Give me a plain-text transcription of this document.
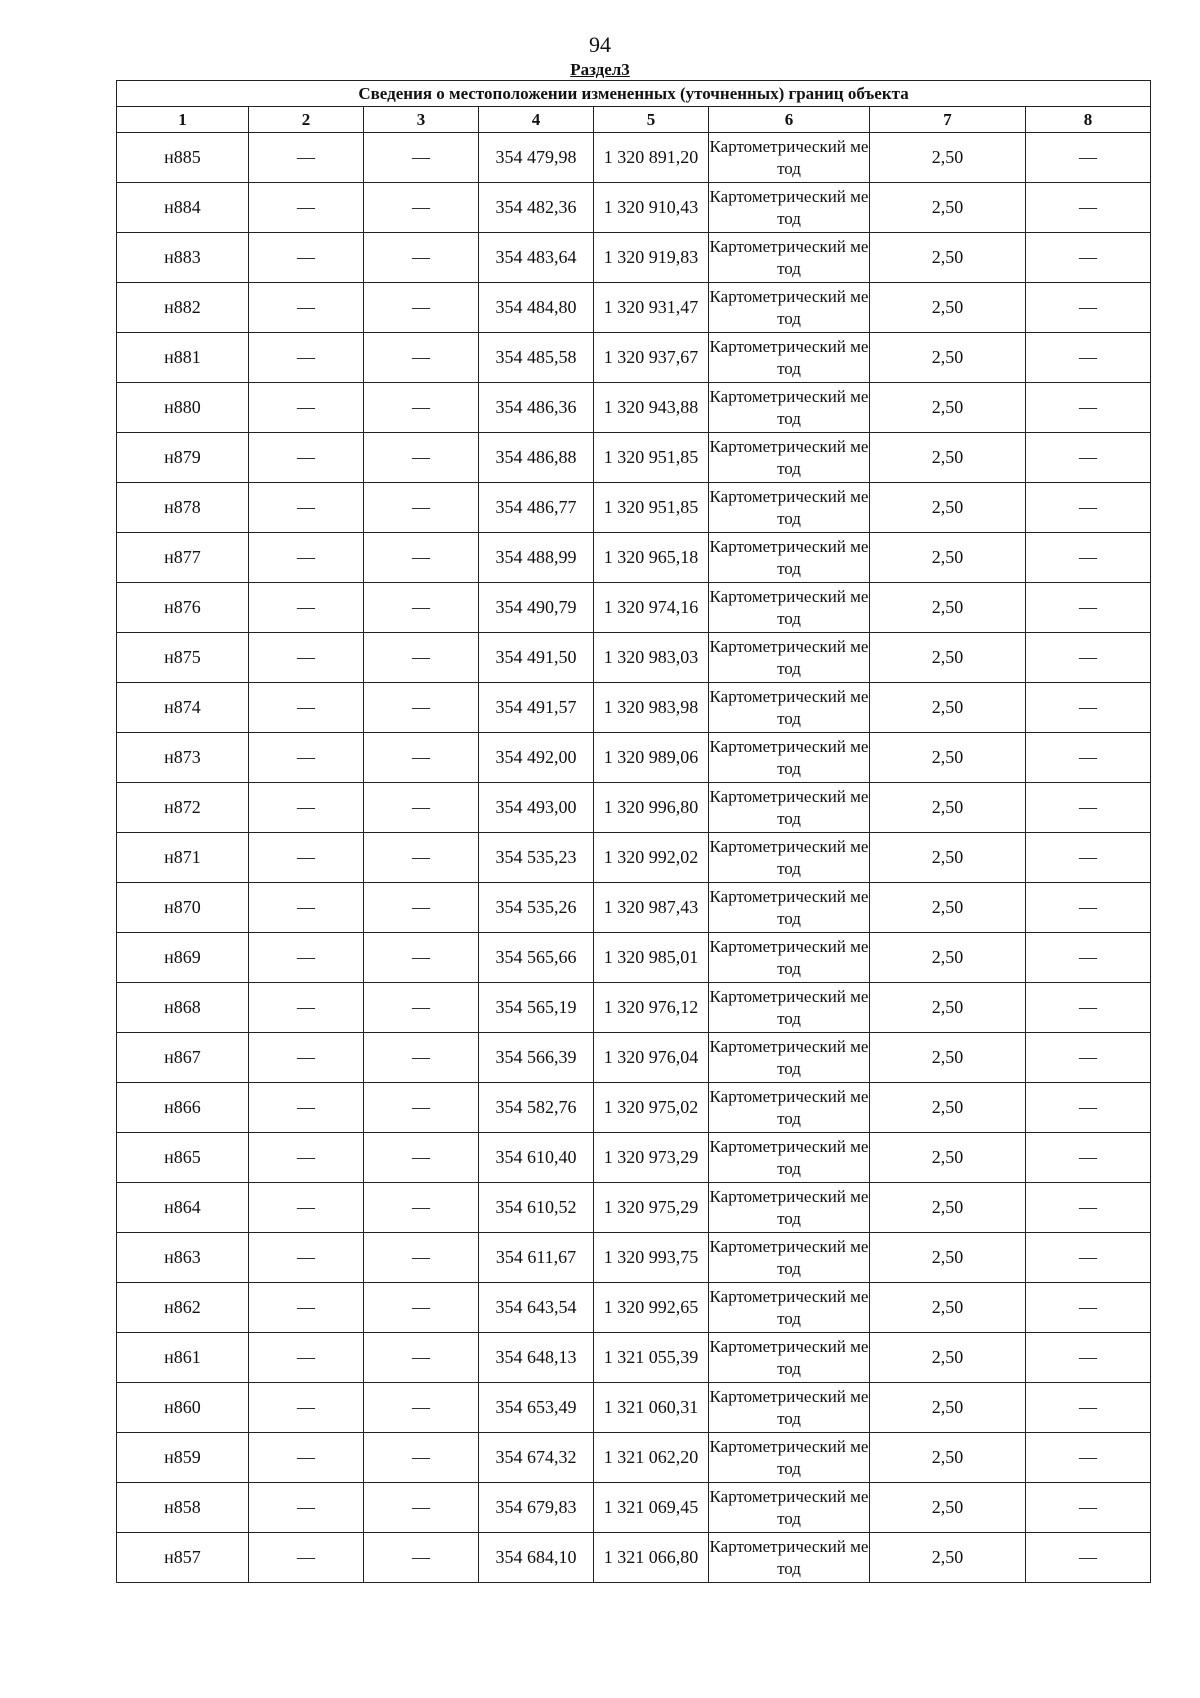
94
Раздел3
Сведения о местоположении измененных (уточненных) границ объекта							
1	2	3	4	5	6	7	8
н885	—	—	354 479,98	1 320 891,20	Картометрический метод	2,50	—
н884	—	—	354 482,36	1 320 910,43	Картометрический метод	2,50	—
н883	—	—	354 483,64	1 320 919,83	Картометрический метод	2,50	—
н882	—	—	354 484,80	1 320 931,47	Картометрический метод	2,50	—
н881	—	—	354 485,58	1 320 937,67	Картометрический метод	2,50	—
н880	—	—	354 486,36	1 320 943,88	Картометрический метод	2,50	—
н879	—	—	354 486,88	1 320 951,85	Картометрический метод	2,50	—
н878	—	—	354 486,77	1 320 951,85	Картометрический метод	2,50	—
н877	—	—	354 488,99	1 320 965,18	Картометрический метод	2,50	—
н876	—	—	354 490,79	1 320 974,16	Картометрический метод	2,50	—
н875	—	—	354 491,50	1 320 983,03	Картометрический метод	2,50	—
н874	—	—	354 491,57	1 320 983,98	Картометрический метод	2,50	—
н873	—	—	354 492,00	1 320 989,06	Картометрический метод	2,50	—
н872	—	—	354 493,00	1 320 996,80	Картометрический метод	2,50	—
н871	—	—	354 535,23	1 320 992,02	Картометрический метод	2,50	—
н870	—	—	354 535,26	1 320 987,43	Картометрический метод	2,50	—
н869	—	—	354 565,66	1 320 985,01	Картометрический метод	2,50	—
н868	—	—	354 565,19	1 320 976,12	Картометрический метод	2,50	—
н867	—	—	354 566,39	1 320 976,04	Картометрический метод	2,50	—
н866	—	—	354 582,76	1 320 975,02	Картометрический метод	2,50	—
н865	—	—	354 610,40	1 320 973,29	Картометрический метод	2,50	—
н864	—	—	354 610,52	1 320 975,29	Картометрический метод	2,50	—
н863	—	—	354 611,67	1 320 993,75	Картометрический метод	2,50	—
н862	—	—	354 643,54	1 320 992,65	Картометрический метод	2,50	—
н861	—	—	354 648,13	1 321 055,39	Картометрический метод	2,50	—
н860	—	—	354 653,49	1 321 060,31	Картометрический метод	2,50	—
н859	—	—	354 674,32	1 321 062,20	Картометрический метод	2,50	—
н858	—	—	354 679,83	1 321 069,45	Картометрический метод	2,50	—
н857	—	—	354 684,10	1 321 066,80	Картометрический метод	2,50	—
